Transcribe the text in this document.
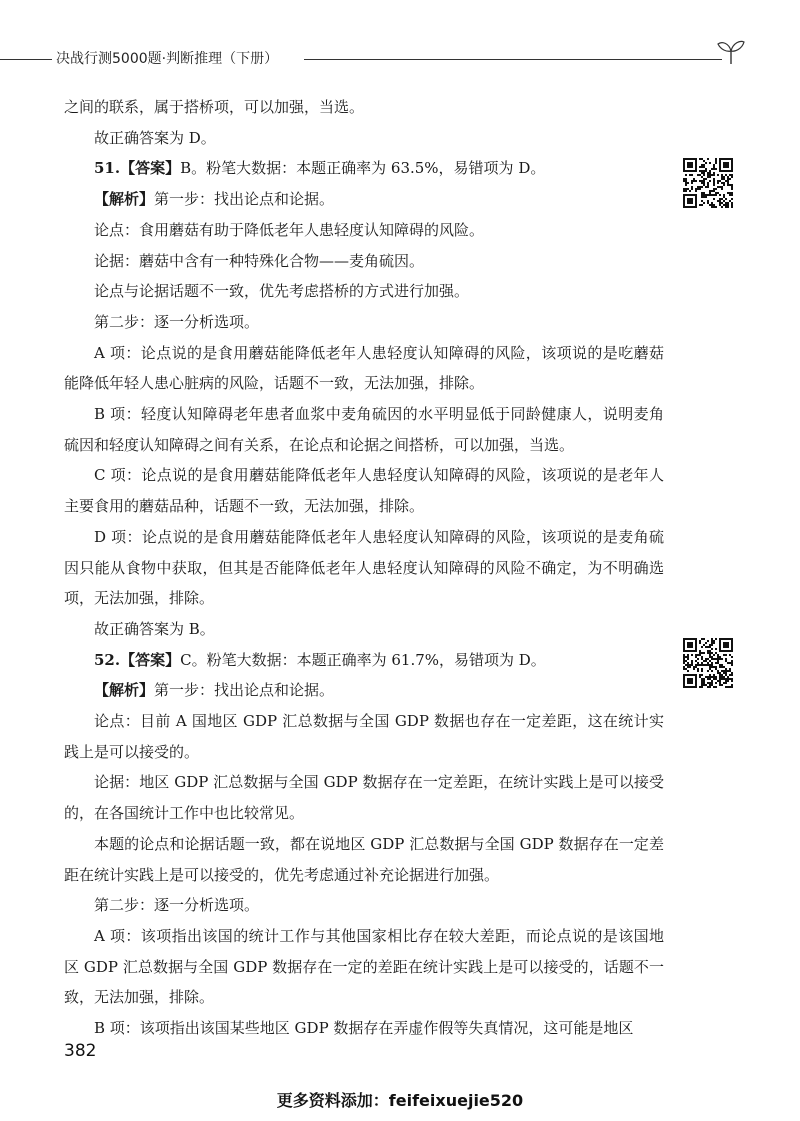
决战行测5000题·判断推理（下册）

之间的联系，属于搭桥项，可以加强，当选。

故正确答案为 D。

51.【答案】B。粉笔大数据：本题正确率为 63.5%，易错项为 D。

【解析】第一步：找出论点和论据。

论点：食用蘑菇有助于降低老年人患轻度认知障碍的风险。

论据：蘑菇中含有一种特殊化合物——麦角硫因。

论点与论据话题不一致，优先考虑搭桥的方式进行加强。

第二步：逐一分析选项。

A 项：论点说的是食用蘑菇能降低老年人患轻度认知障碍的风险，该项说的是吃蘑菇能降低年轻人患心脏病的风险，话题不一致，无法加强，排除。

B 项：轻度认知障碍老年患者血浆中麦角硫因的水平明显低于同龄健康人，说明麦角硫因和轻度认知障碍之间有关系，在论点和论据之间搭桥，可以加强，当选。

C 项：论点说的是食用蘑菇能降低老年人患轻度认知障碍的风险，该项说的是老年人主要食用的蘑菇品种，话题不一致，无法加强，排除。

D 项：论点说的是食用蘑菇能降低老年人患轻度认知障碍的风险，该项说的是麦角硫因只能从食物中获取，但其是否能降低老年人患轻度认知障碍的风险不确定，为不明确选项，无法加强，排除。

故正确答案为 B。

52.【答案】C。粉笔大数据：本题正确率为 61.7%，易错项为 D。

【解析】第一步：找出论点和论据。

论点：目前 A 国地区 GDP 汇总数据与全国 GDP 数据也存在一定差距，这在统计实践上是可以接受的。

论据：地区 GDP 汇总数据与全国 GDP 数据存在一定差距，在统计实践上是可以接受的，在各国统计工作中也比较常见。

本题的论点和论据话题一致，都在说地区 GDP 汇总数据与全国 GDP 数据存在一定差距在统计实践上是可以接受的，优先考虑通过补充论据进行加强。

第二步：逐一分析选项。

A 项：该项指出该国的统计工作与其他国家相比存在较大差距，而论点说的是该国地区 GDP 汇总数据与全国 GDP 数据存在一定的差距在统计实践上是可以接受的，话题不一致，无法加强，排除。

B 项：该项指出该国某些地区 GDP 数据存在弄虚作假等失真情况，这可能是地区

382
更多资料添加：feifeixuejie520
